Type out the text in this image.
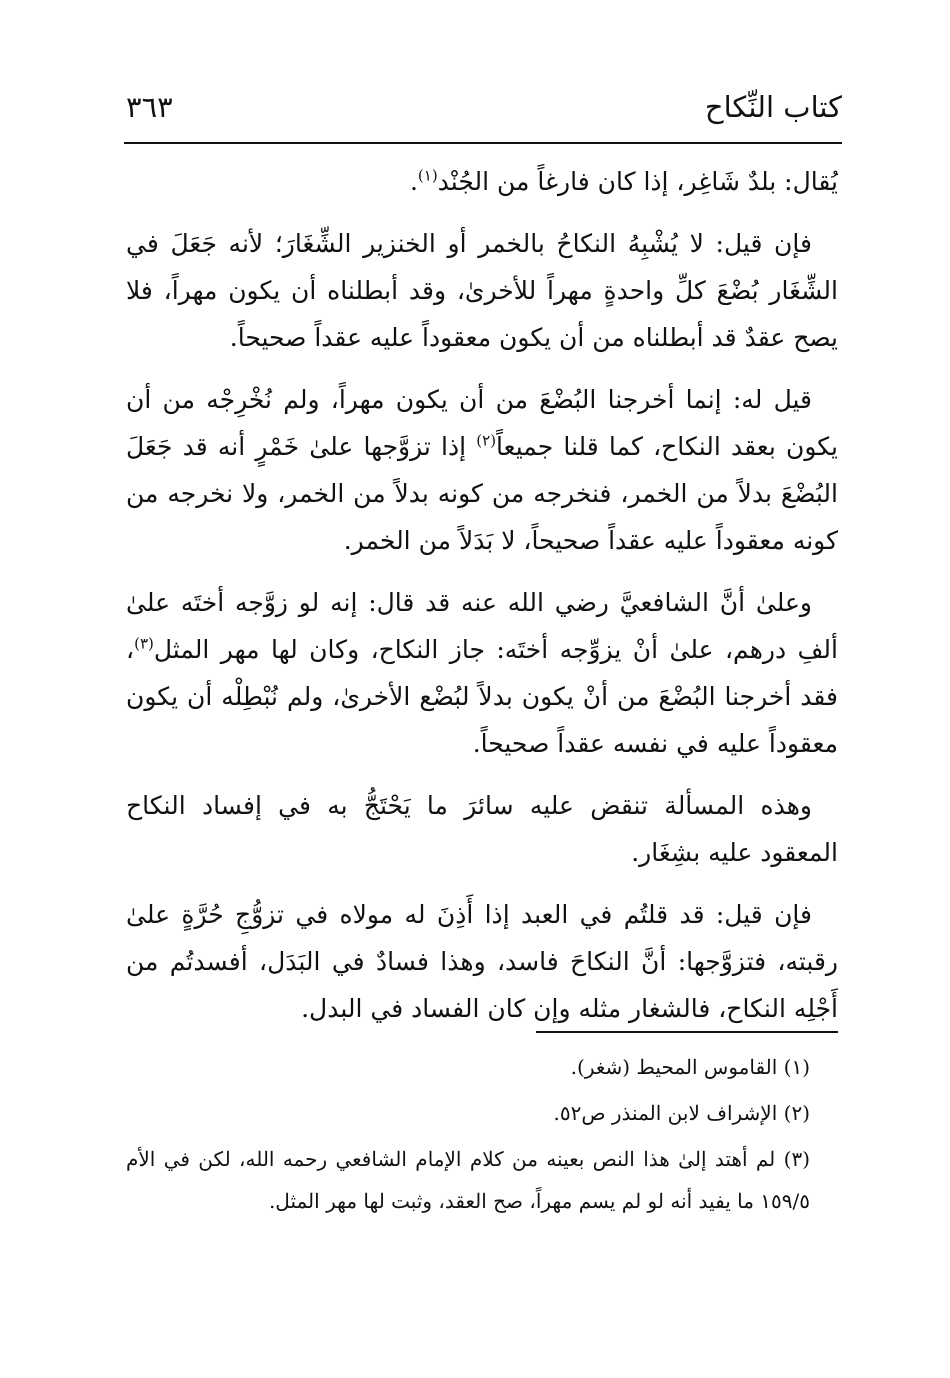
كتاب النِّكاح
٣٦٣

يُقال: بلدٌ شَاغِر، إذا كان فارغاً من الجُنْد$^{(١)}$.

فإن قيل: لا يُشْبِهُ النكاحُ بالخمر أو الخنزير الشِّغَارَ؛ لأنه جَعَلَ في الشِّغَار بُضْعَ كلِّ واحدةٍ مهراً للأخرىٰ، وقد أبطلناه أن يكون مهراً، فلا يصح عقدٌ قد أبطلناه من أن يكون معقوداً عليه عقداً صحيحاً.

قيل له: إنما أخرجنا البُضْعَ من أن يكون مهراً، ولم نُخْرِجْه من أن يكون بعقد النكاح، كما قلنا جميعاً$^{(٢)}$ إذا تزوَّجها علىٰ خَمْرٍ أنه قد جَعَلَ البُضْعَ بدلاً من الخمر، فنخرجه من كونه بدلاً من الخمر، ولا نخرجه من كونه معقوداً عليه عقداً صحيحاً، لا بَدَلاً من الخمر.

وعلىٰ أنَّ الشافعيَّ رضي الله عنه قد قال: إنه لو زوَّجه أختَه علىٰ ألفِ درهم، علىٰ أنْ يزوِّجه أختَه: جاز النكاح، وكان لها مهر المثل$^{(٣)}$، فقد أخرجنا البُضْعَ من أنْ يكون بدلاً لبُضْع الأخرىٰ، ولم نُبْطِلْه أن يكون معقوداً عليه في نفسه عقداً صحيحاً.

وهذه المسألة تنقض عليه سائرَ ما يَحْتَجُّ به في إفساد النكاح المعقود عليه بشِغَار.

فإن قيل: قد قلتُم في العبد إذا أَذِنَ له مولاه في تزوُّجِ حُرَّةٍ علىٰ رقبته، فتزوَّجها: أنَّ النكاحَ فاسد، وهذا فسادٌ في البَدَل، أفسدتُم من أَجْلِه النكاح، فالشغار مثله وإن كان الفساد في البدل.

(١) القاموس المحيط (شغر).

(٢) الإشراف لابن المنذر ص٥٢.

(٣) لم أهتد إلىٰ هذا النص بعينه من كلام الإمام الشافعي رحمه الله، لكن في الأم ١٥٩/٥ ما يفيد أنه لو لم يسم مهراً، صح العقد، وثبت لها مهر المثل.
